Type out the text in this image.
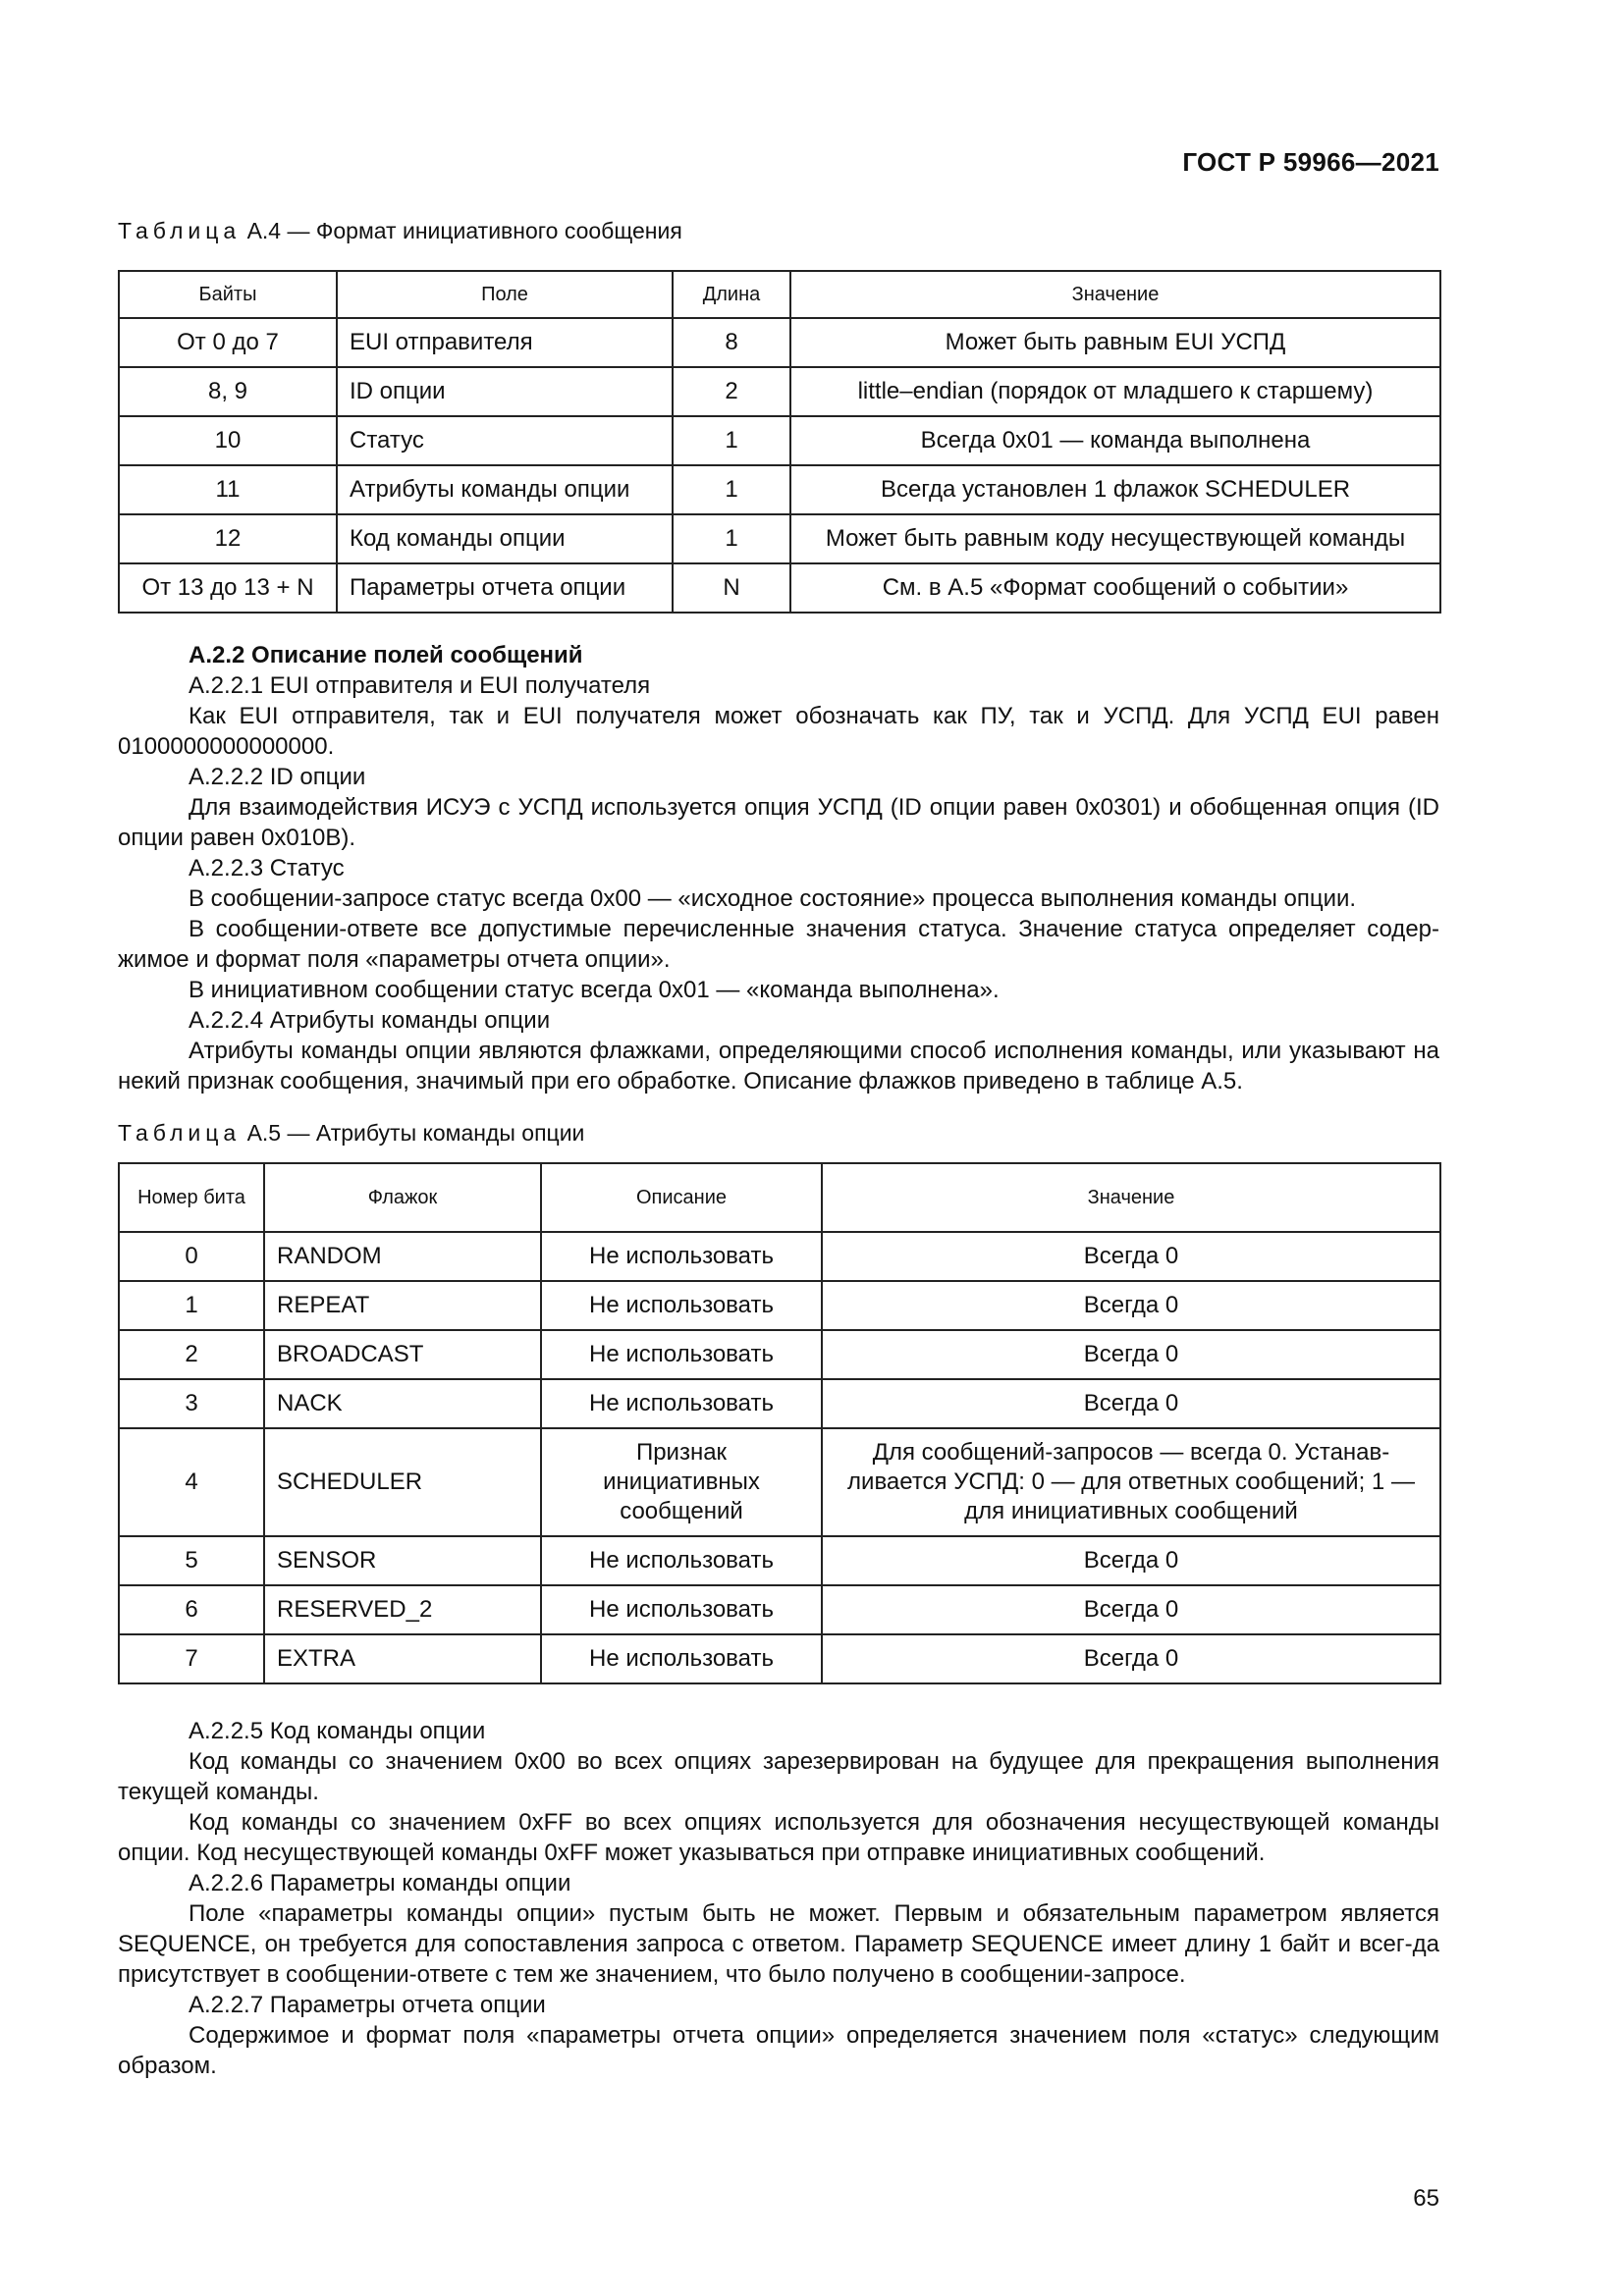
ГОСТ Р 59966—2021
Таблица А.4 — Формат инициативного сообщения
Байты	Поле	Длина	Значение
От 0 до 7	EUI отправителя	8	Может быть равным EUI УСПД
8, 9	ID опции	2	little–endian (порядок от младшего к старшему)
10	Статус	1	Всегда 0x01 — команда выполнена
11	Атрибуты команды опции	1	Всегда установлен 1 флажок SCHEDULER
12	Код команды опции	1	Может быть равным коду несуществующей команды
От 13 до 13 + N	Параметры отчета опции	N	См. в А.5 «Формат сообщений о событии»

А.2.2 Описание полей сообщений

А.2.2.1 EUI отправителя и EUI получателя

Как EUI отправителя, так и EUI получателя может обозначать как ПУ, так и УСПД. Для УСПД EUI равен 0100000000000000.

А.2.2.2 ID опции

Для взаимодействия ИСУЭ с УСПД используется опция УСПД (ID опции равен 0x0301) и обобщенная опция (ID опции равен 0x010B).

А.2.2.3 Статус

В сообщении-запросе статус всегда 0x00 — «исходное состояние» процесса выполнения команды опции.

В сообщении-ответе все допустимые перечисленные значения статуса. Значение статуса определяет содер-жимое и формат поля «параметры отчета опции».

В инициативном сообщении статус всегда 0x01 — «команда выполнена».

А.2.2.4 Атрибуты команды опции

Атрибуты команды опции являются флажками, определяющими способ исполнения команды, или указывают на некий признак сообщения, значимый при его обработке. Описание флажков приведено в таблице А.5.

Таблица А.5 — Атрибуты команды опции
Номер бита	Флажок	Описание	Значение
0	RANDOM	Не использовать	Всегда 0
1	REPEAT	Не использовать	Всегда 0
2	BROADCAST	Не использовать	Всегда 0
3	NACK	Не использовать	Всегда 0
4	SCHEDULER	Признак инициативных сообщений	Для сообщений-запросов — всегда 0. Устанав-ливается УСПД: 0 — для ответных сообщений; 1 — для инициативных сообщений
5	SENSOR	Не использовать	Всегда 0
6	RESERVED_2	Не использовать	Всегда 0
7	EXTRA	Не использовать	Всегда 0

А.2.2.5 Код команды опции

Код команды со значением 0x00 во всех опциях зарезервирован на будущее для прекращения выполнения текущей команды.

Код команды со значением 0xFF во всех опциях используется для обозначения несуществующей команды опции. Код несуществующей команды 0xFF может указываться при отправке инициативных сообщений.

А.2.2.6 Параметры команды опции

Поле «параметры команды опции» пустым быть не может. Первым и обязательным параметром является SEQUENCE, он требуется для сопоставления запроса с ответом. Параметр SEQUENCE имеет длину 1 байт и всег-да присутствует в сообщении-ответе с тем же значением, что было получено в сообщении-запросе.

А.2.2.7 Параметры отчета опции

Содержимое и формат поля «параметры отчета опции» определяется значением поля «статус» следующим образом.

65
